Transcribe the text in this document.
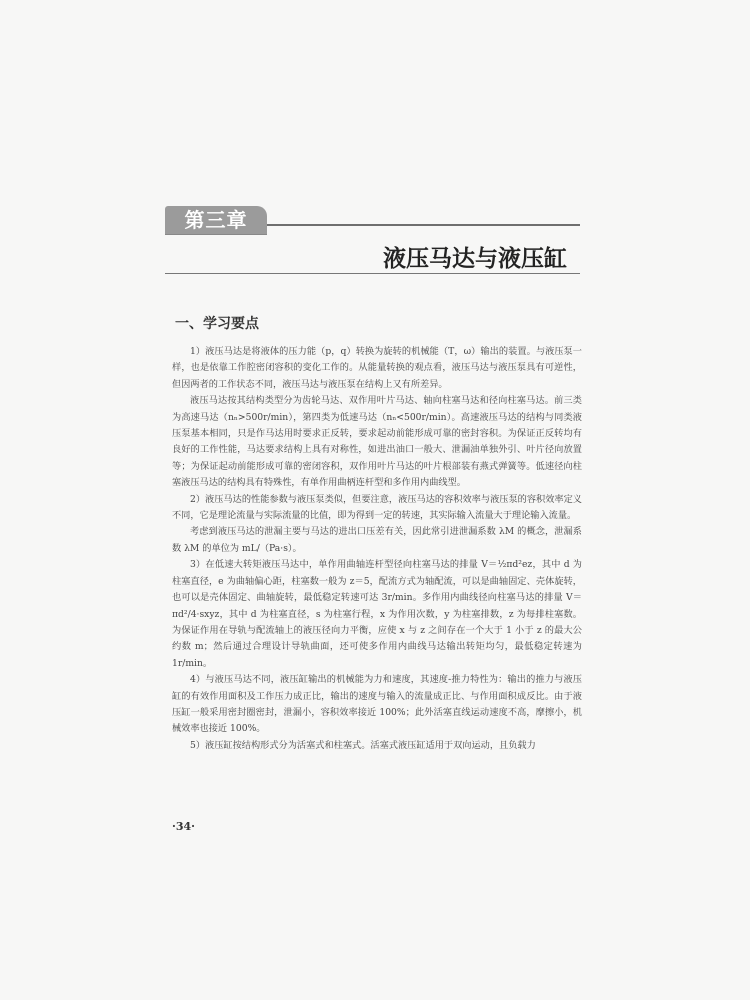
第三章
液压马达与液压缸
一、学习要点

1）液压马达是将液体的压力能（p，q）转换为旋转的机械能（T，ω）输出的装置。与液压泵一样，也是依靠工作腔密闭容积的变化工作的。从能量转换的观点看，液压马达与液压泵具有可逆性，但因两者的工作状态不同，液压马达与液压泵在结构上又有所差异。

液压马达按其结构类型分为齿轮马达、双作用叶片马达、轴向柱塞马达和径向柱塞马达。前三类为高速马达（nₙ>500r/min），第四类为低速马达（nₙ<500r/min）。高速液压马达的结构与同类液压泵基本相同，只是作马达用时要求正反转，要求起动前能形成可靠的密封容积。为保证正反转均有良好的工作性能，马达要求结构上具有对称性，如进出油口一般大、泄漏油单独外引、叶片径向放置等；为保证起动前能形成可靠的密闭容积，双作用叶片马达的叶片根部装有燕式弹簧等。低速径向柱塞液压马达的结构具有特殊性，有单作用曲柄连杆型和多作用内曲线型。

2）液压马达的性能参数与液压泵类似，但要注意，液压马达的容积效率与液压泵的容积效率定义不同，它是理论流量与实际流量的比值，即为得到一定的转速，其实际输入流量大于理论输入流量。

考虑到液压马达的泄漏主要与马达的进出口压差有关，因此常引进泄漏系数 λM 的概念，泄漏系数 λM 的单位为 mL/（Pa·s）。

3）在低速大转矩液压马达中，单作用曲轴连杆型径向柱塞马达的排量 V＝½πd²ez，其中 d 为柱塞直径，e 为曲轴偏心距，柱塞数一般为 z＝5，配流方式为轴配流，可以是曲轴固定、壳体旋转，也可以是壳体固定、曲轴旋转，最低稳定转速可达 3r/min。多作用内曲线径向柱塞马达的排量 V＝πd²/4·sxyz，其中 d 为柱塞直径，s 为柱塞行程，x 为作用次数，y 为柱塞排数，z 为每排柱塞数。为保证作用在导轨与配流轴上的液压径向力平衡，应使 x 与 z 之间存在一个大于 1 小于 z 的最大公约数 m；然后通过合理设计导轨曲面，还可使多作用内曲线马达输出转矩均匀，最低稳定转速为 1r/min。

4）与液压马达不同，液压缸输出的机械能为力和速度，其速度-推力特性为：输出的推力与液压缸的有效作用面积及工作压力成正比，输出的速度与输入的流量成正比、与作用面积成反比。由于液压缸一般采用密封圈密封，泄漏小，容积效率接近 100%；此外活塞直线运动速度不高，摩擦小，机械效率也接近 100%。

5）液压缸按结构形式分为活塞式和柱塞式。活塞式液压缸适用于双向运动，且负载力

·34·
